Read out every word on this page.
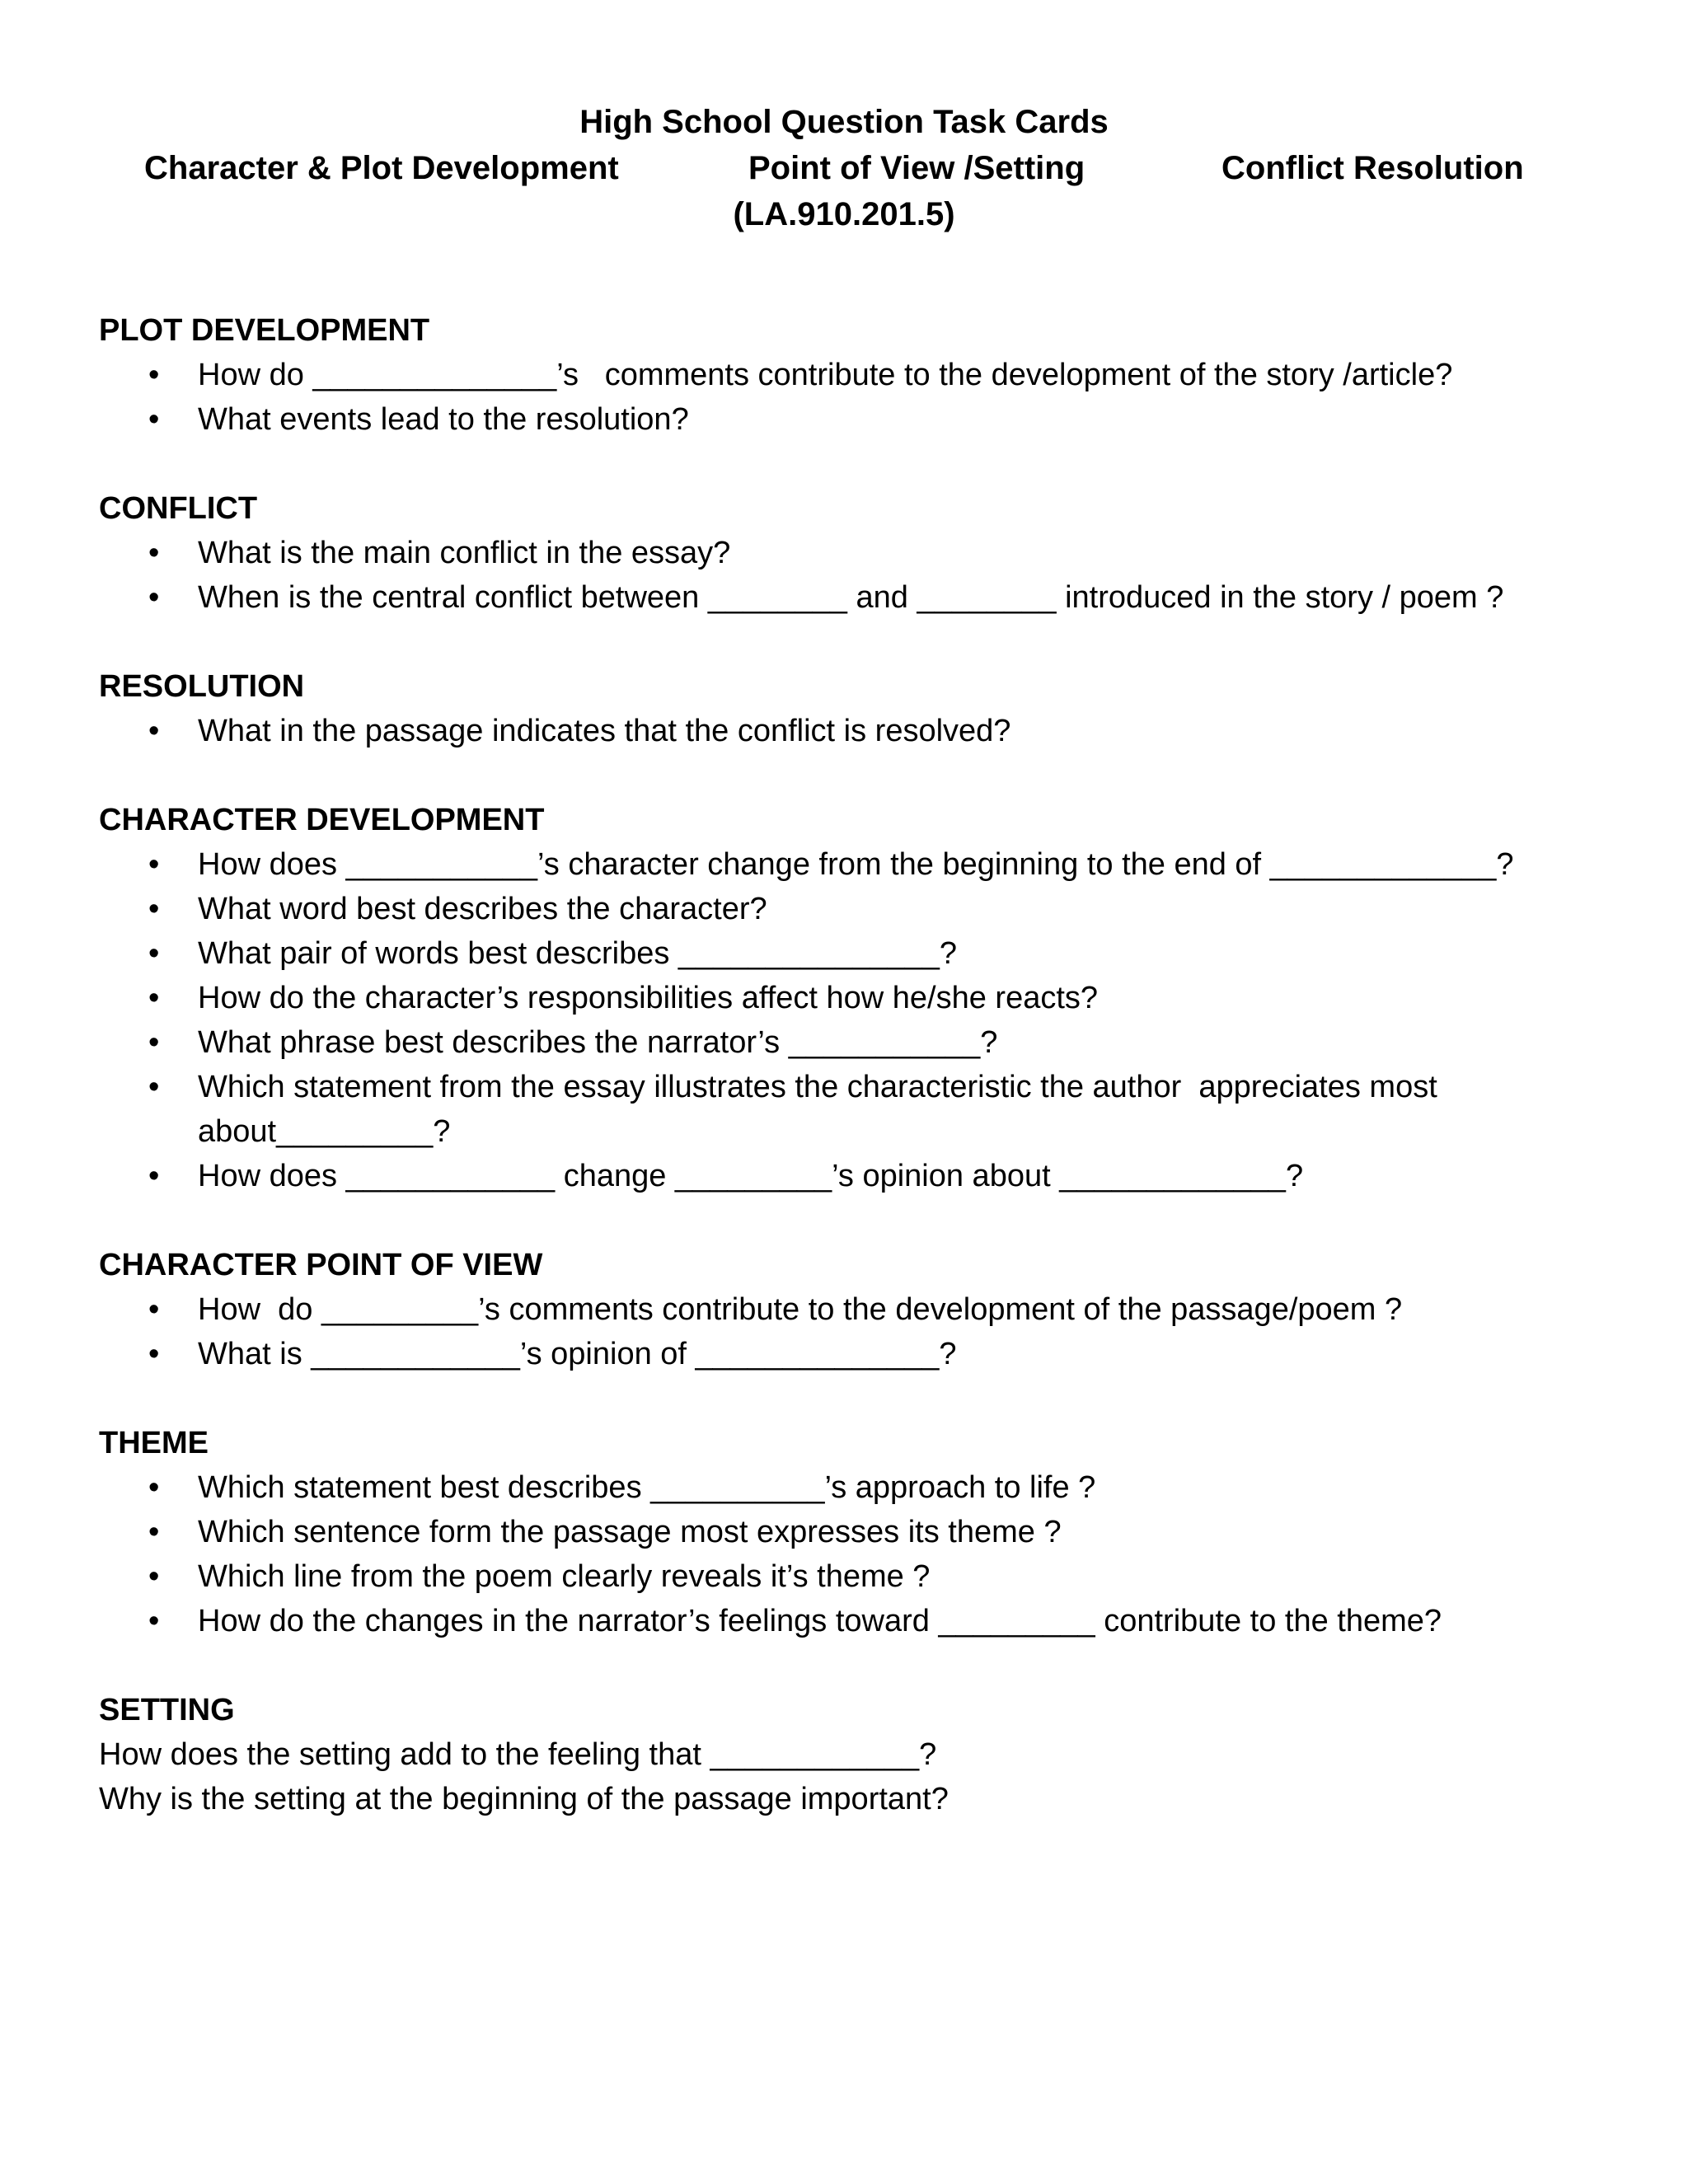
High School Question Task Cards
Character & Plot Development	Point of View /Setting	Conflict Resolution
(LA.910.201.5)
PLOT DEVELOPMENT
•	How do ______________’s   comments contribute to the development of the story /article?
•	What events lead to the resolution?
CONFLICT
•	What is the main conflict in the essay?
•	When is the central conflict between ________ and ________ introduced in the story / poem ?
RESOLUTION
•	What in the passage indicates that the conflict is resolved?
CHARACTER DEVELOPMENT
•	How does ___________’s character change from the beginning to the end of _____________?
•	What word best describes the character?
•	What pair of words best describes _______________?
•	How do the character’s responsibilities affect how he/she reacts?
•	What phrase best describes the narrator’s ___________?
•	Which statement from the essay illustrates the characteristic the author  appreciates most about_________?
•	How does ____________ change _________’s opinion about _____________?
CHARACTER POINT OF VIEW
•	How  do _________’s comments contribute to the development of the passage/poem ?
•	What is ____________’s opinion of ______________?
THEME
•	Which statement best describes __________’s approach to life ?
•	Which sentence form the passage most expresses its theme ?
•	Which line from the poem clearly reveals it’s theme ?
•	How do the changes in the narrator’s feelings toward _________ contribute to the theme?
SETTING
How does the setting add to the feeling that ____________?
Why is the setting at the beginning of the passage important?
